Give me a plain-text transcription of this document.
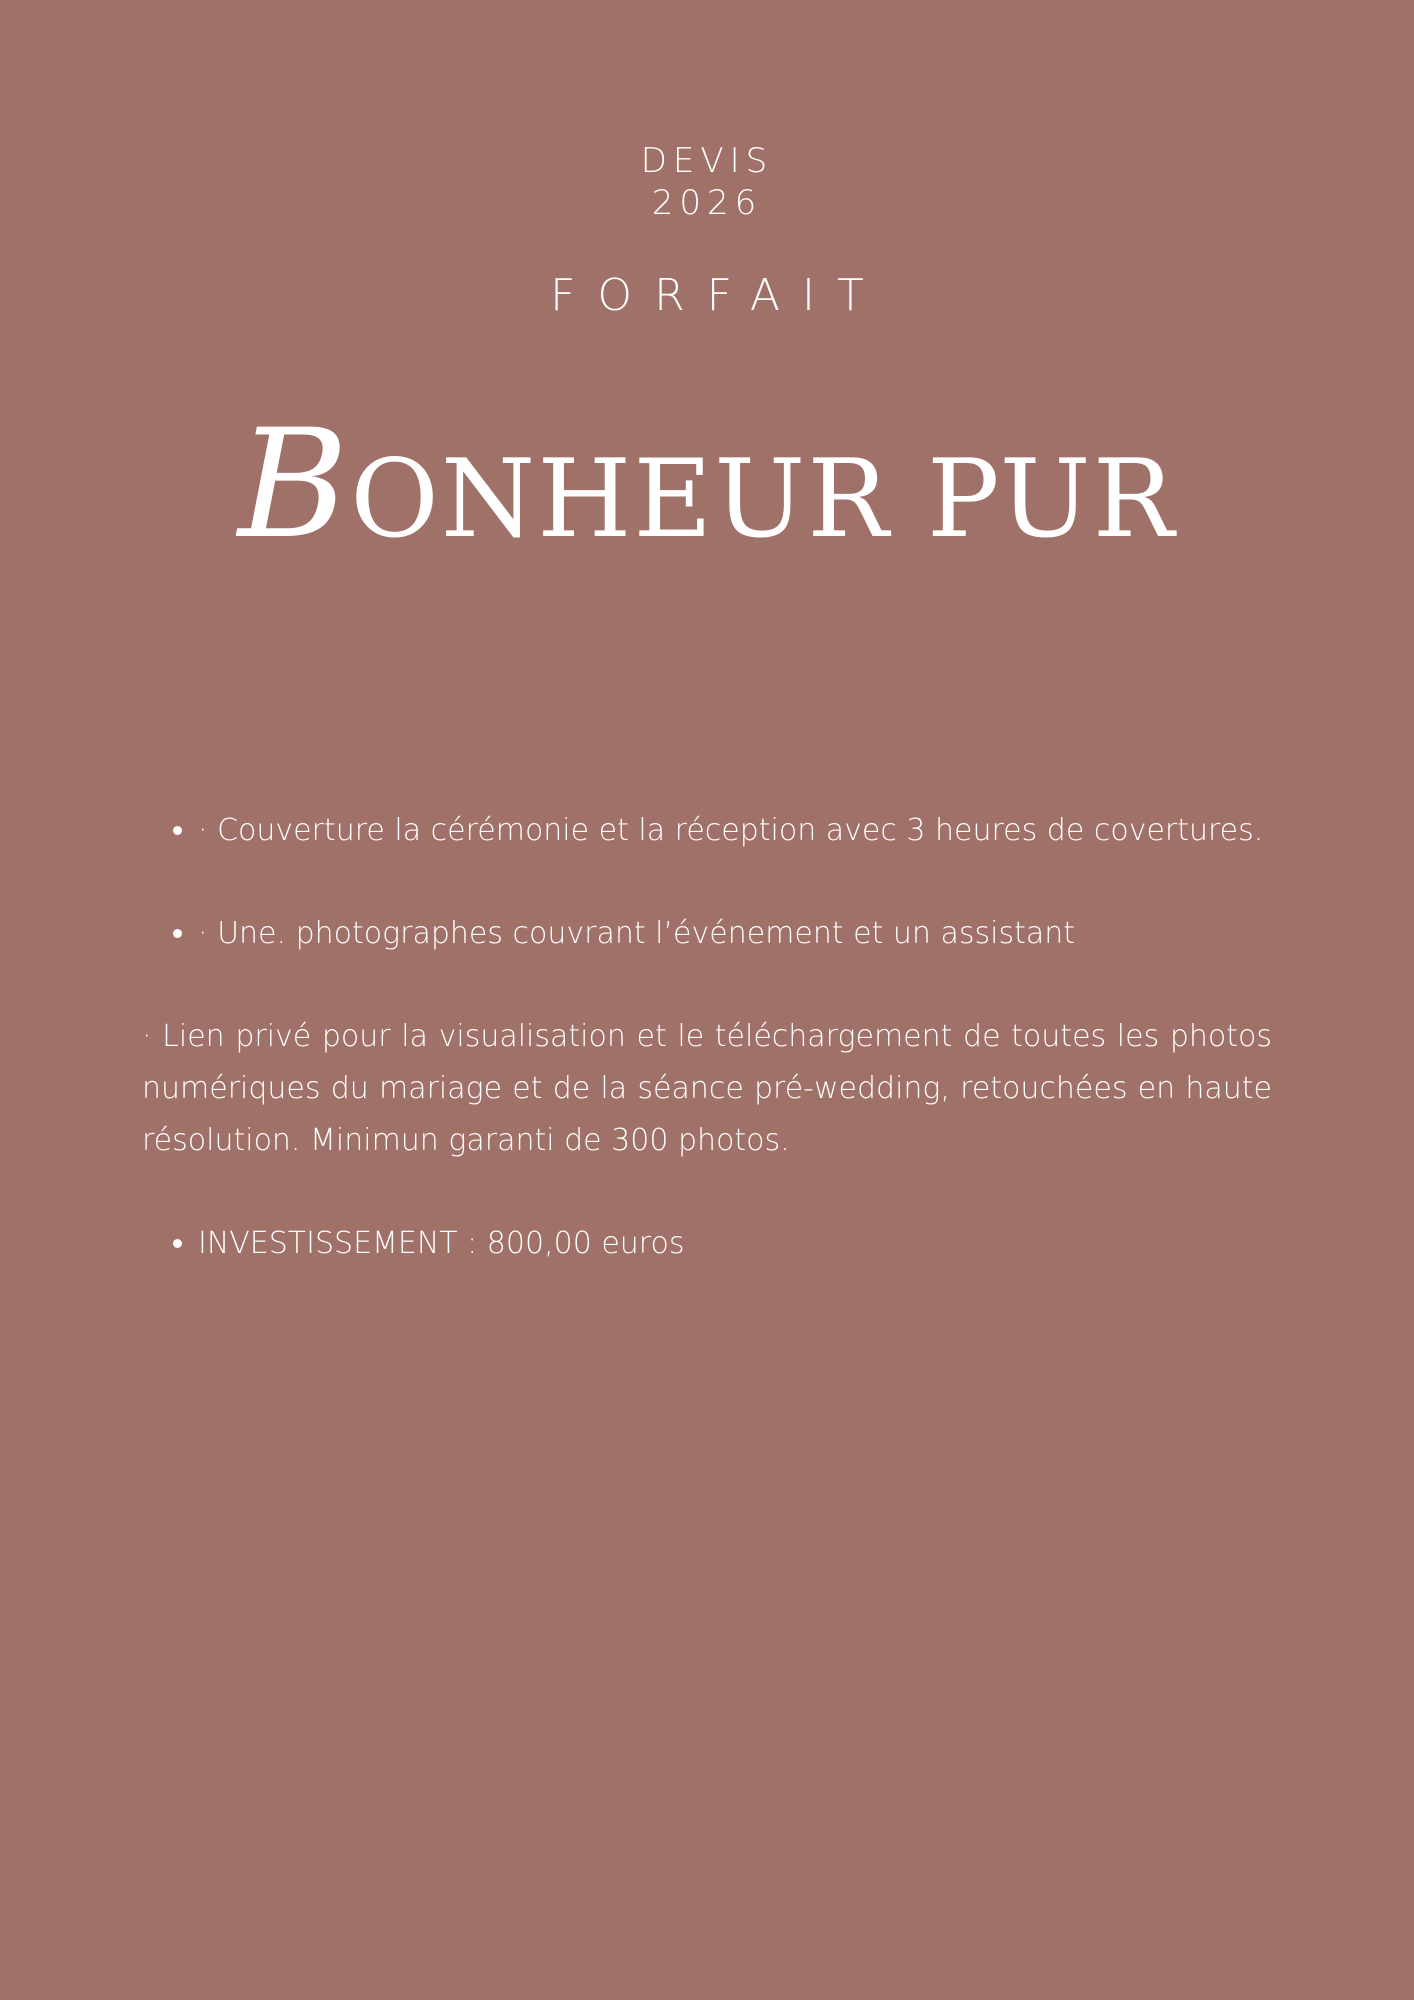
DEVIS
2026
FORFAIT
BONHEUR PUR
• · Couverture la cérémonie et la réception avec 3 heures de covertures.
• · Une. photographes couvrant l’événement et un assistant

· Lien privé pour la visualisation et le téléchargement de toutes les photos numériques du mariage et de la séance pré-wedding, retouchées en haute résolution. Minimun garanti de 300 photos.

• INVESTISSEMENT : 800,00 euros
